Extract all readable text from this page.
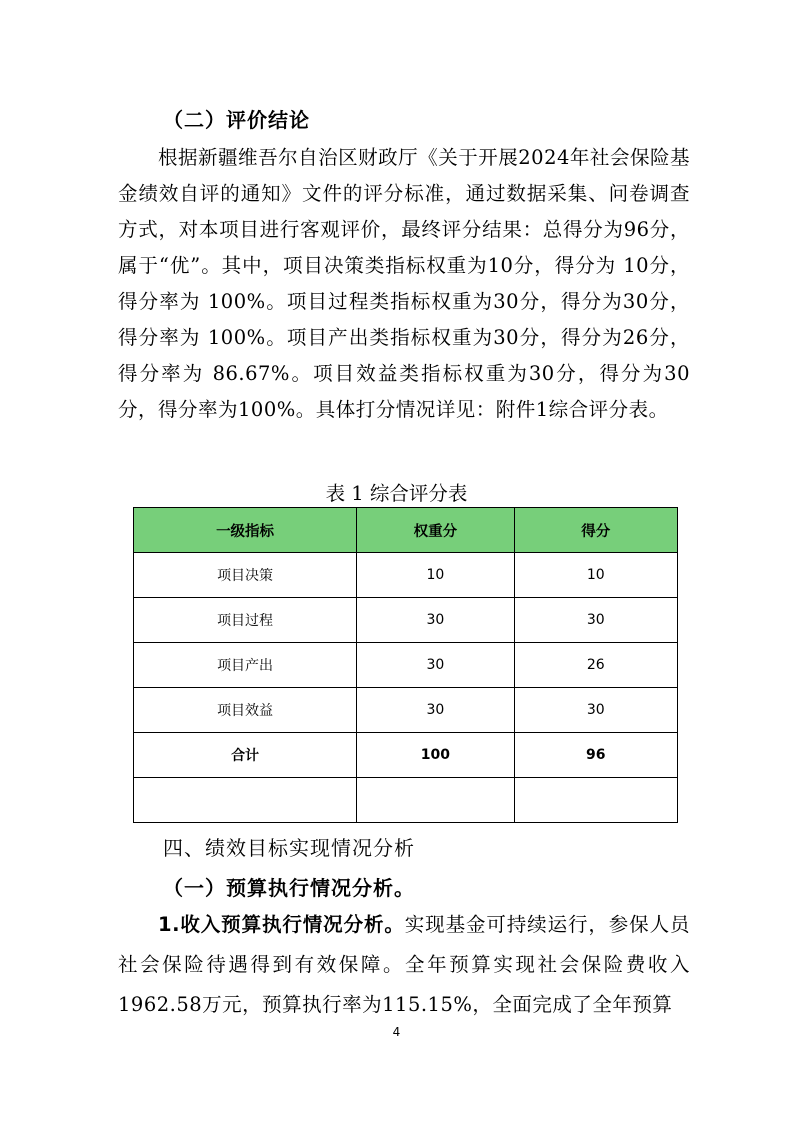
（二）评价结论

根据新疆维吾尔自治区财政厅《关于开展2024年社会保险基金绩效自评的通知》文件的评分标准，通过数据采集、问卷调查方式，对本项目进行客观评价，最终评分结果：总得分为96分，属于“优”。其中，项目决策类指标权重为10分，得分为 10分，得分率为 100%。项目过程类指标权重为30分，得分为30分，得分率为 100%。项目产出类指标权重为30分，得分为26分，得分率为 86.67%。项目效益类指标权重为30分，得分为30分，得分率为100%。具体打分情况详见：附件1综合评分表。

表 1 综合评分表
一级指标	权重分	得分
项目决策	10	10
项目过程	30	30
项目产出	30	26
项目效益	30	30
合计	100	96

四、绩效目标实现情况分析
（一）预算执行情况分析。

1.收入预算执行情况分析。实现基金可持续运行，参保人员社会保险待遇得到有效保障。全年预算实现社会保险费收入1962.58万元，预算执行率为115.15%，全面完成了全年预算

4
